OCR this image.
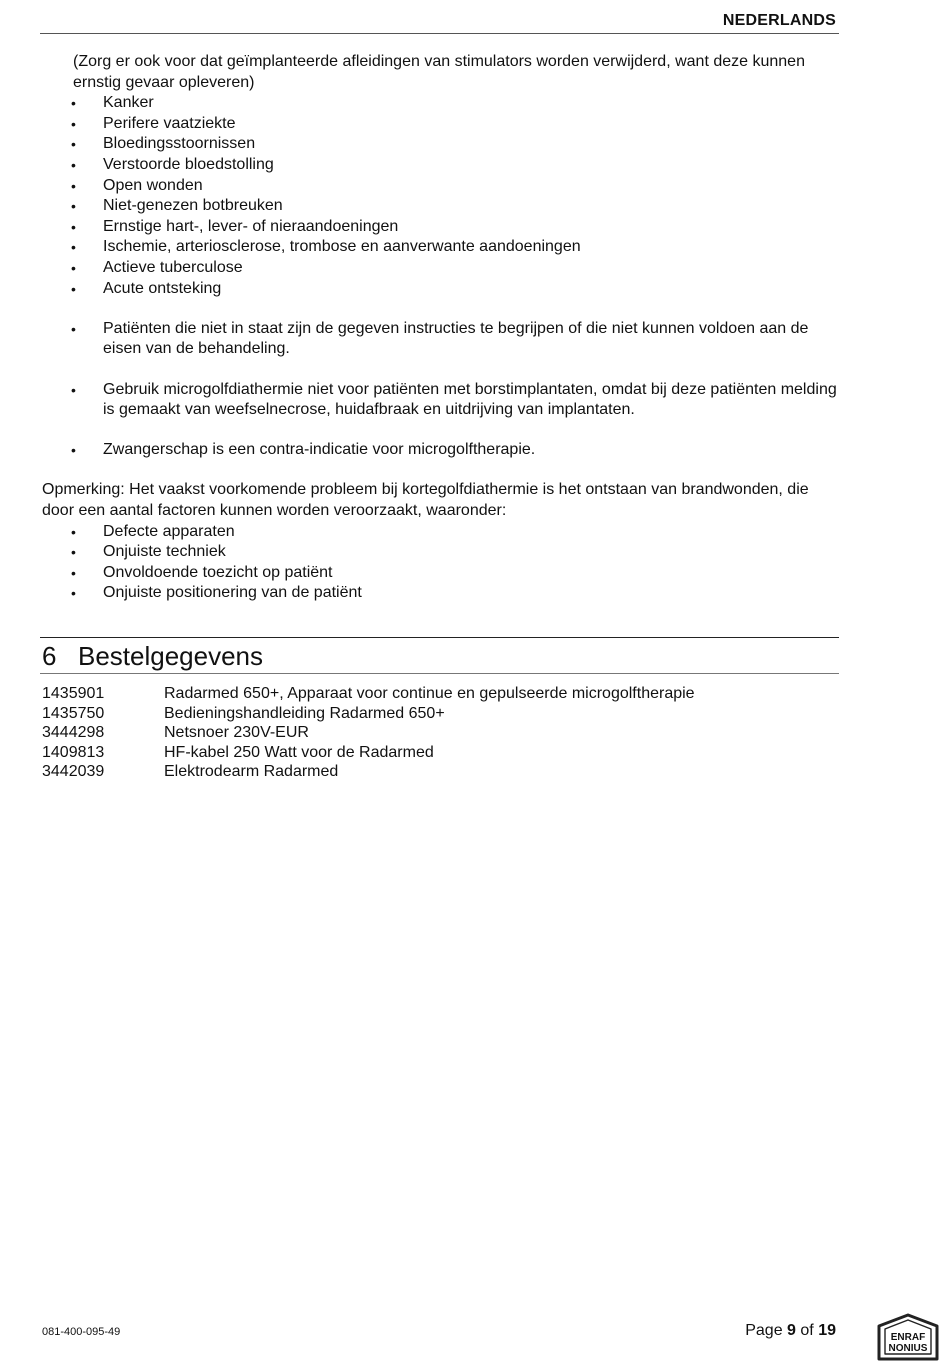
NEDERLANDS
(Zorg er ook voor dat geïmplanteerde afleidingen van stimulators worden verwijderd, want deze kunnen ernstig gevaar opleveren)
• Kanker
• Perifere vaatziekte
• Bloedingsstoornissen
• Verstoorde bloedstolling
• Open wonden
• Niet-genezen botbreuken
• Ernstige hart-, lever- of nieraandoeningen
• Ischemie, arteriosclerose, trombose en aanverwante aandoeningen
• Actieve tuberculose
• Acute ontsteking
• Patiënten die niet in staat zijn de gegeven instructies te begrijpen of die niet kunnen voldoen aan de eisen van de behandeling.
• Gebruik microgolfdiathermie niet voor patiënten met borstimplantaten, omdat bij deze patiënten melding is gemaakt van weefselnecrose, huidafbraak en uitdrijving van implantaten.
• Zwangerschap is een contra-indicatie voor microgolftherapie.
Opmerking: Het vaakst voorkomende probleem bij kortegolfdiathermie is het ontstaan van brandwonden, die door een aantal factoren kunnen worden veroorzaakt, waaronder:
• Defecte apparaten
• Onjuiste techniek
• Onvoldoende toezicht op patiënt
• Onjuiste positionering van de patiënt
6 Bestelgegevens
1435901	Radarmed 650+, Apparaat voor continue en gepulseerde microgolftherapie
1435750	Bedieningshandleiding Radarmed 650+
3444298	Netsnoer 230V-EUR
1409813	HF-kabel 250 Watt voor de Radarmed
3442039	Elektrodearm Radarmed
081-400-095-49	Page 9 of 19	ENRAF
NONIUS
